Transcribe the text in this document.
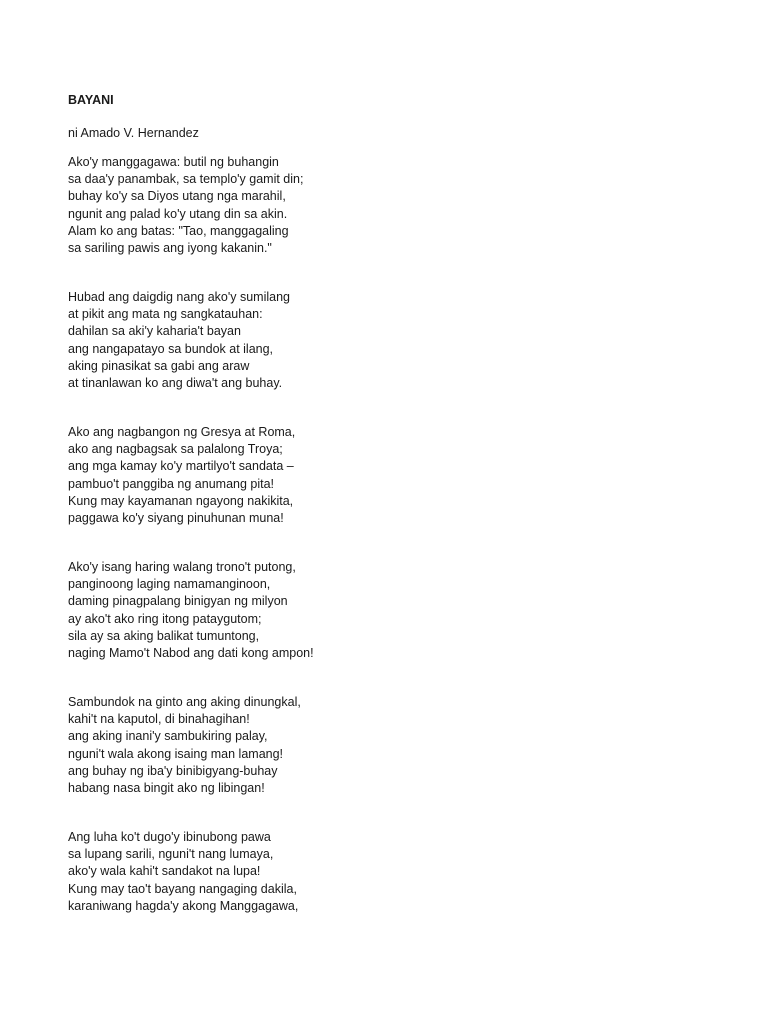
BAYANI

ni Amado V. Hernandez

Ako'y manggagawa: butil ng buhangin
sa daa'y panambak, sa templo'y gamit din;
buhay ko'y sa Diyos utang nga marahil,
ngunit ang palad ko'y utang din sa akin.
Alam ko ang batas: "Tao, manggagaling
sa sariling pawis ang iyong kakanin."
Hubad ang daigdig nang ako'y sumilang
at pikit ang mata ng sangkatauhan:
dahilan sa aki'y kaharia't bayan
ang nangapatayo sa bundok at ilang,
aking pinasikat sa gabi ang araw
at tinanlawan ko ang diwa't ang buhay.
Ako ang nagbangon ng Gresya at Roma,
ako ang nagbagsak sa palalong Troya;
ang mga kamay ko'y martilyo't sandata –
pambuo't panggiba ng anumang pita!
Kung may kayamanan ngayong nakikita,
paggawa ko'y siyang pinuhunan muna!
Ako'y isang haring walang trono't putong,
panginoong laging namamanginoon,
daming pinagpalang binigyan ng milyon
ay ako't ako ring itong pataygutom;
sila ay sa aking balikat tumuntong,
naging Mamo't Nabod ang dati kong ampon!
Sambundok na ginto ang aking dinungkal,
kahi't na kaputol, di binahagihan!
ang aking inani'y sambukiring palay,
nguni't wala akong isaing man lamang!
ang buhay ng iba'y binibigyang-buhay
habang nasa bingit ako ng libingan!
Ang luha ko't dugo'y ibinubong pawa
sa lupang sarili, nguni't nang lumaya,
ako'y wala kahi't sandakot na lupa!
Kung may tao't bayang nangaging dakila,
karaniwang hagda'y akong Manggagawa,
